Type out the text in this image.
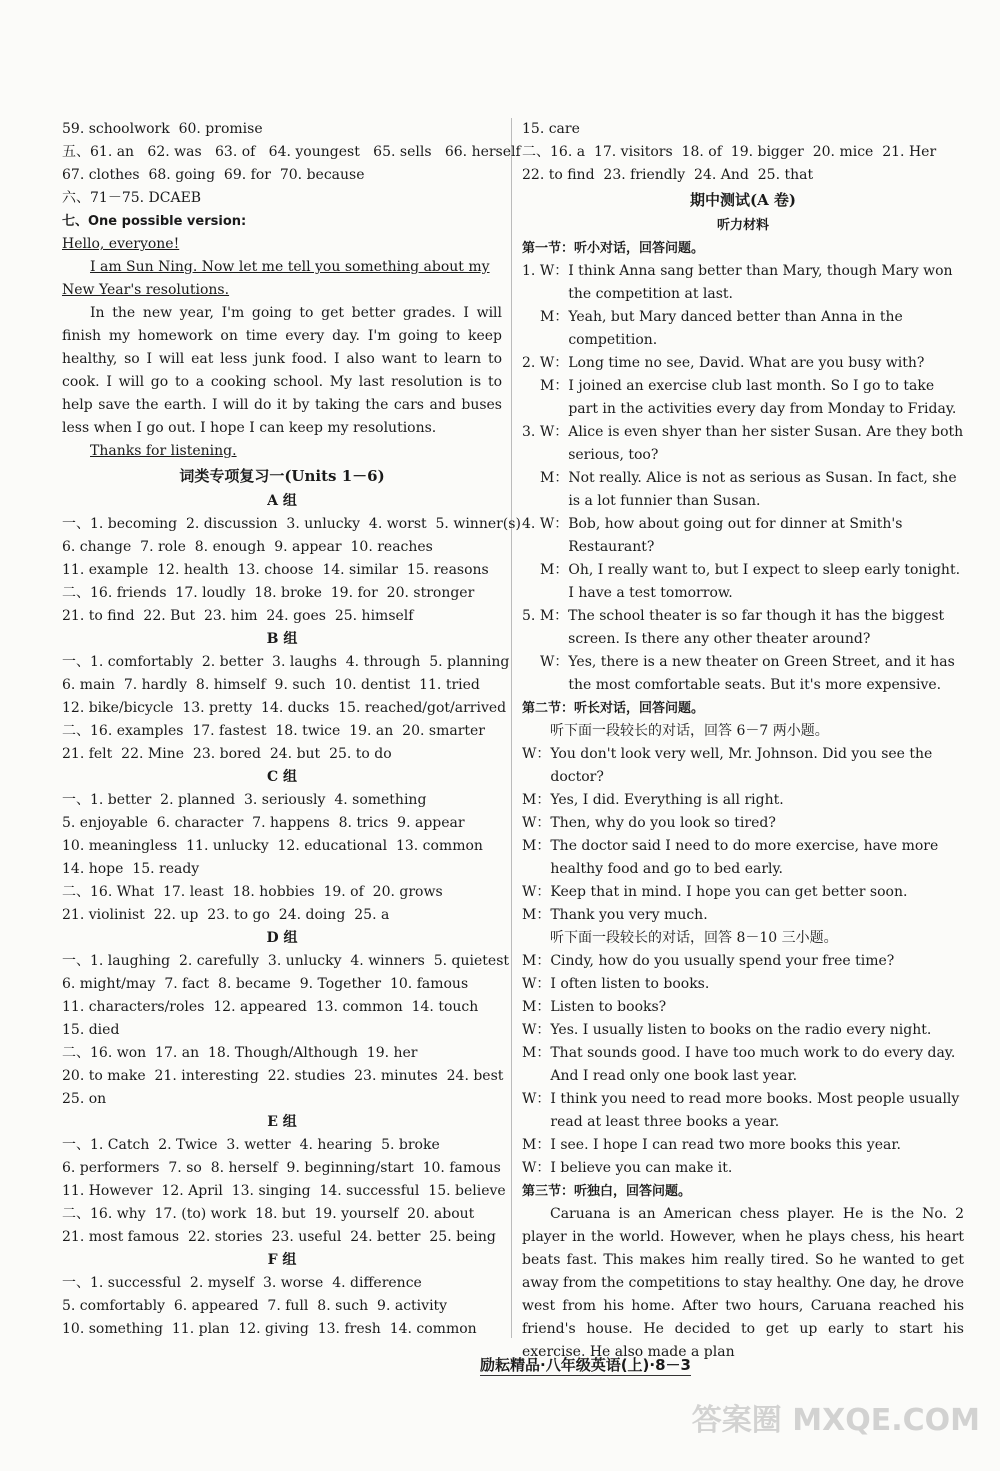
59. schoolwork  60. promise
五、61. an   62. was   63. of   64. youngest   65. sells   66. herself
67. clothes  68. going  69. for  70. because
六、71－75. DCAEB
七、One possible version:
Hello, everyone!
I am Sun Ning. Now let me tell you something about my
New Year's resolutions.
In the new year, I'm going to get better grades. I will finish my homework on time every day. I'm going to keep healthy, so I will eat less junk food. I also want to learn to cook. I will go to a cooking school. My last resolution is to help save the earth. I will do it by taking the cars and buses less when I go out. I hope I can keep my resolutions.
Thanks for listening.
词类专项复习一(Units 1－6)
A 组
一、1. becoming  2. discussion  3. unlucky  4. worst  5. winner(s)
6. change  7. role  8. enough  9. appear  10. reaches
11. example  12. health  13. choose  14. similar  15. reasons
二、16. friends  17. loudly  18. broke  19. for  20. stronger
21. to find  22. But  23. him  24. goes  25. himself
B 组
一、1. comfortably  2. better  3. laughs  4. through  5. planning
6. main  7. hardly  8. himself  9. such  10. dentist  11. tried
12. bike/bicycle  13. pretty  14. ducks  15. reached/got/arrived
二、16. examples  17. fastest  18. twice  19. an  20. smarter
21. felt  22. Mine  23. bored  24. but  25. to do
C 组
一、1. better  2. planned  3. seriously  4. something
5. enjoyable  6. character  7. happens  8. trics  9. appear
10. meaningless  11. unlucky  12. educational  13. common
14. hope  15. ready
二、16. What  17. least  18. hobbies  19. of  20. grows
21. violinist  22. up  23. to go  24. doing  25. a
D 组
一、1. laughing  2. carefully  3. unlucky  4. winners  5. quietest
6. might/may  7. fact  8. became  9. Together  10. famous
11. characters/roles  12. appeared  13. common  14. touch
15. died
二、16. won  17. an  18. Though/Although  19. her
20. to make  21. interesting  22. studies  23. minutes  24. best
25. on
E 组
一、1. Catch  2. Twice  3. wetter  4. hearing  5. broke
6. performers  7. so  8. herself  9. beginning/start  10. famous
11. However  12. April  13. singing  14. successful  15. believe
二、16. why  17. (to) work  18. but  19. yourself  20. about
21. most famous  22. stories  23. useful  24. better  25. being
F 组
一、1. successful  2. myself  3. worse  4. difference
5. comfortably  6. appeared  7. full  8. such  9. activity
10. something  11. plan  12. giving  13. fresh  14. common
15. care
二、16. a  17. visitors  18. of  19. bigger  20. mice  21. Her
22. to find  23. friendly  24. And  25. that
期中测试(A 卷)
听力材料
第一节：听小对话，回答问题。
1. W： I think Anna sang better than Mary, though Mary won the competition at last.
M： Yeah, but Mary danced better than Anna in the competition.
2. W： Long time no see, David. What are you busy with?
M： I joined an exercise club last month. So I go to take part in the activities every day from Monday to Friday.
3. W： Alice is even shyer than her sister Susan. Are they both serious, too?
M： Not really. Alice is not as serious as Susan. In fact, she is a lot funnier than Susan.
4. W： Bob, how about going out for dinner at Smith's Restaurant?
M： Oh, I really want to, but I expect to sleep early tonight. I have a test tomorrow.
5. M： The school theater is so far though it has the biggest screen. Is there any other theater around?
W： Yes, there is a new theater on Green Street, and it has the most comfortable seats. But it's more expensive.
第二节：听长对话，回答问题。
听下面一段较长的对话，回答 6－7 两小题。
W： You don't look very well, Mr. Johnson. Did you see the doctor?
M： Yes, I did. Everything is all right.
W： Then, why do you look so tired?
M： The doctor said I need to do more exercise, have more healthy food and go to bed early.
W： Keep that in mind. I hope you can get better soon.
M： Thank you very much.
听下面一段较长的对话，回答 8－10 三小题。
M： Cindy, how do you usually spend your free time?
W： I often listen to books.
M： Listen to books?
W： Yes. I usually listen to books on the radio every night.
M： That sounds good. I have too much work to do every day. And I read only one book last year.
W： I think you need to read more books. Most people usually read at least three books a year.
M： I see. I hope I can read two more books this year.
W： I believe you can make it.
第三节：听独白，回答问题。
Caruana is an American chess player. He is the No. 2 player in the world. However, when he plays chess, his heart beats fast. This makes him really tired. So he wanted to get away from the competitions to stay healthy. One day, he drove west from his home. After two hours, Caruana reached his friend's house. He decided to get up early to start his exercise. He also made a plan
励耘精品·八年级英语(上)·8－3
答案圈 MXQE.COM
